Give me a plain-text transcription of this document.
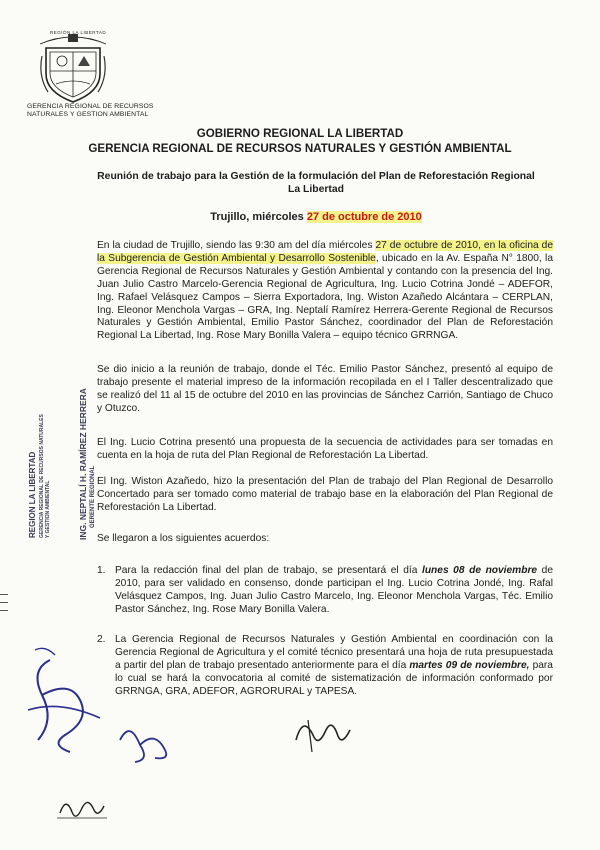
REGIÓN LA LIBERTAD
GERENCIA REGIONAL DE RECURSOS
NATURALES Y GESTION AMBIENTAL
GOBIERNO REGIONAL LA LIBERTAD
GERENCIA REGIONAL DE RECURSOS NATURALES Y GESTIÓN AMBIENTAL
Reunión de trabajo para la Gestión de la formulación del Plan de Reforestación Regional La Libertad
Trujillo, miércoles 27 de octubre de 2010
En la ciudad de Trujillo, siendo las 9:30 am del día miércoles 27 de octubre de 2010, en la oficina de la Subgerencia de Gestión Ambiental y Desarrollo Sostenible, ubicado en la Av. España N° 1800, la Gerencia Regional de Recursos Naturales y Gestión Ambiental y contando con la presencia del Ing. Juan Julio Castro Marcelo-Gerencia Regional de Agricultura, Ing. Lucio Cotrina Jondé – ADEFOR, Ing. Rafael Velásquez Campos – Sierra Exportadora, Ing. Wiston Azañedo Alcántara – CERPLAN, Ing. Eleonor Menchola Vargas – GRA, Ing. Neptalí Ramírez Herrera-Gerente Regional de Recursos Naturales y Gestión Ambiental, Emilio Pastor Sánchez, coordinador del Plan de Reforestación Regional La Libertad, Ing. Rose Mary Bonilla Valera – equipo técnico GRRNGA.
Se dio inicio a la reunión de trabajo, donde el Téc. Emilio Pastor Sánchez, presentó al equipo de trabajo presente el material impreso de la información recopilada en el I Taller descentralizado que se realizó del 11 al 15 de octubre del 2010 en las provincias de Sánchez Carrión, Santiago de Chuco y Otuzco.
El Ing. Lucio Cotrina presentó una propuesta de la secuencia de actividades para ser tomadas en cuenta en la hoja de ruta del Plan Regional de Reforestación La Libertad.
El Ing. Wiston Azañedo, hizo la presentación del Plan de trabajo del Plan Regional de Desarrollo Concertado para ser tomado como material de trabajo base en la elaboración del Plan Regional de Reforestación La Libertad.
Se llegaron a los siguientes acuerdos:
1. Para la redacción final del plan de trabajo, se presentará el día lunes 08 de noviembre de 2010, para ser validado en consenso, donde participan el Ing. Lucio Cotrina Jondé, Ing. Rafal Velásquez Campos, Ing. Juan Julio Castro Marcelo, Ing. Eleonor Menchola Vargas, Téc. Emilio Pastor Sánchez, Ing. Rose Mary Bonilla Valera.
2. La Gerencia Regional de Recursos Naturales y Gestión Ambiental en coordinación con la Gerencia Regional de Agricultura y el comité técnico presentará una hoja de ruta presupuestada a partir del plan de trabajo presentado anteriormente para el día martes 09 de noviembre, para lo cual se hará la convocatoria al comité de sistematización de información conformado por GRRNGA, GRA, ADEFOR, AGRORURAL y TAPESA.
REGION LA LIBERTAD GERENCIA REGIONAL DE RECURSOS NATURALES Y GESTION AMBIENTAL	ING. NEPTALÍ H. RAMÍREZ HERRERA GERENTE REGIONAL
